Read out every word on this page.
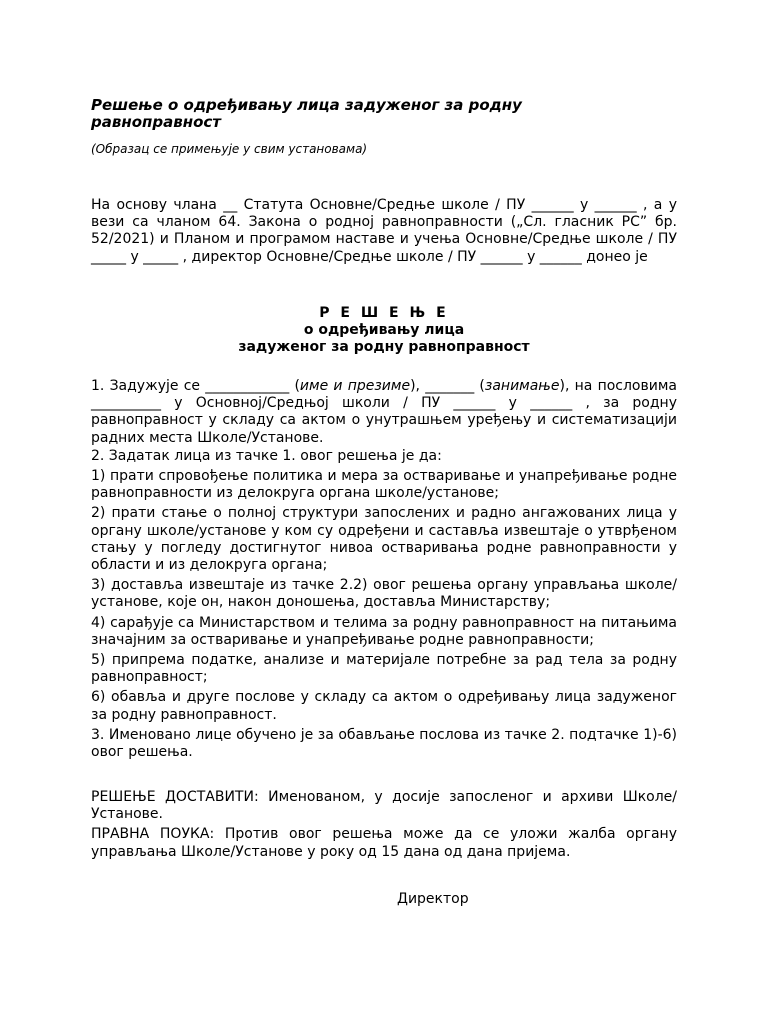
Решење о одређивању лица задуженог за родну равноправност

(Образац се примењује у свим установама)

На основу члана __ Статута Основне/Средње школе / ПУ ______ у ______ , а у вези са чланом 64. Закона о родној равноправности („Сл. гласник РС” бр. 52/2021) и Планом и програмом наставе и учења Основне/Средње школе / ПУ _____ у _____ , директор Основне/Средње школе / ПУ ______ у ______ донео је

Р Е Ш Е Њ Е
о одређивању лица
задуженог за родну равноправност

1. Задужује се ____________ (име и презиме), _______ (занимање), на пословима __________ у Основној/Средњој школи / ПУ ______ у ______ , за родну равноправност у складу са актом о унутрашњем уређењу и систематизацији радних места Школе/Установе.

2. Задатак лица из тачке 1. овог решења је да:

1) прати спровођење политика и мера за остваривање и унапређивање родне равноправности из делокруга органа школе/установе;

2) прати стање о полној структури запослених и радно ангажованих лица у органу школе/установе у ком су одређени и саставља извештаје о утврђеном стању у погледу достигнутог нивоа остваривања родне равноправности у области и из делокруга органа;

3) доставља извештаје из тачке 2.2) овог решења органу управљања школе/установе, које он, након доношења, доставља Министарству;

4) сарађује са Министарством и телима за родну равноправност на питањима значајним за остваривање и унапређивање родне равноправности;

5) припрема податке, анализе и материјале потребне за рад тела за родну равноправност;

6) обавља и друге послове у складу са актом о одређивању лица задуженог за родну равноправност.

3. Именовано лице обучено је за обављање послова из тачке 2. подтачке 1)-6) овог решења.

РЕШЕЊЕ ДОСТАВИТИ: Именованом, у досије запосленог и архиви Школе/Установе.

ПРАВНА ПОУКА: Против овог решења може да се уложи жалба органу управљања Школе/Установе у року од 15 дана од дана пријема.

Директор
